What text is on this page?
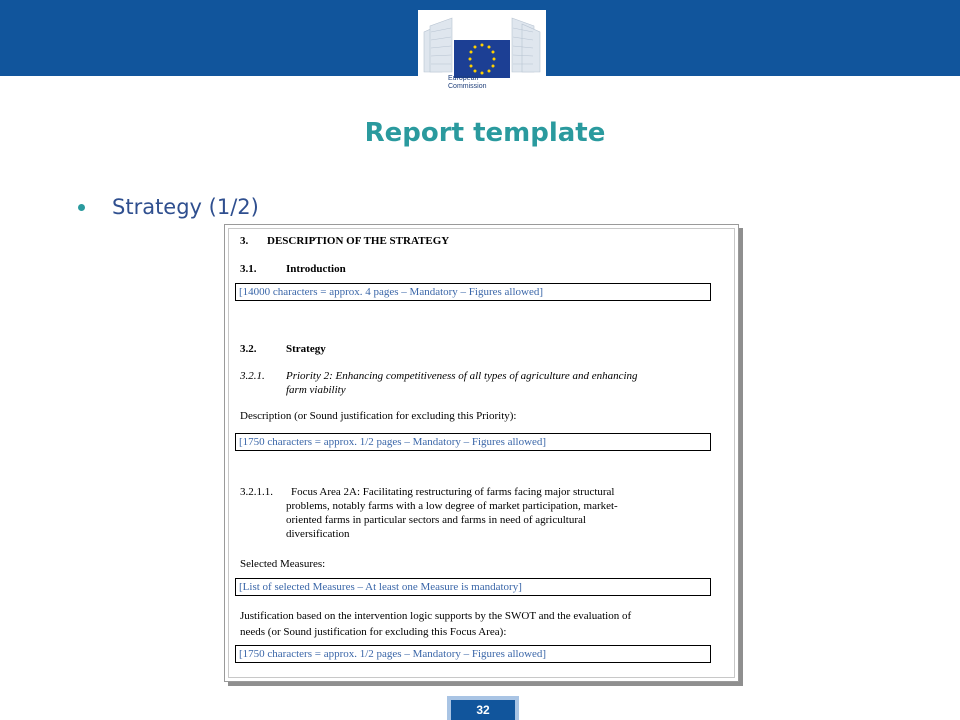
European
Commission
Report template
Strategy (1/2)
3. DESCRIPTION OF THE STRATEGY
3.1.	Introduction
[14000 characters = approx. 4 pages – Mandatory – Figures allowed]
3.2.	Strategy
3.2.1. Priority 2: Enhancing competitiveness of all types of agriculture and enhancing
farm viability
Description (or Sound justification for excluding this Priority):
[1750 characters = approx. 1/2 pages – Mandatory – Figures allowed]
3.2.1.1. Focus Area 2A: Facilitating restructuring of farms facing major structural
problems, notably farms with a low degree of market participation, market-
oriented farms in particular sectors and farms in need of agricultural
diversification
Selected Measures:
[List of selected Measures – At least one Measure is mandatory]
Justification based on the intervention logic supports by the SWOT and the evaluation of
needs (or Sound justification for excluding this Focus Area):
[1750 characters = approx. 1/2 pages – Mandatory – Figures allowed]
32
